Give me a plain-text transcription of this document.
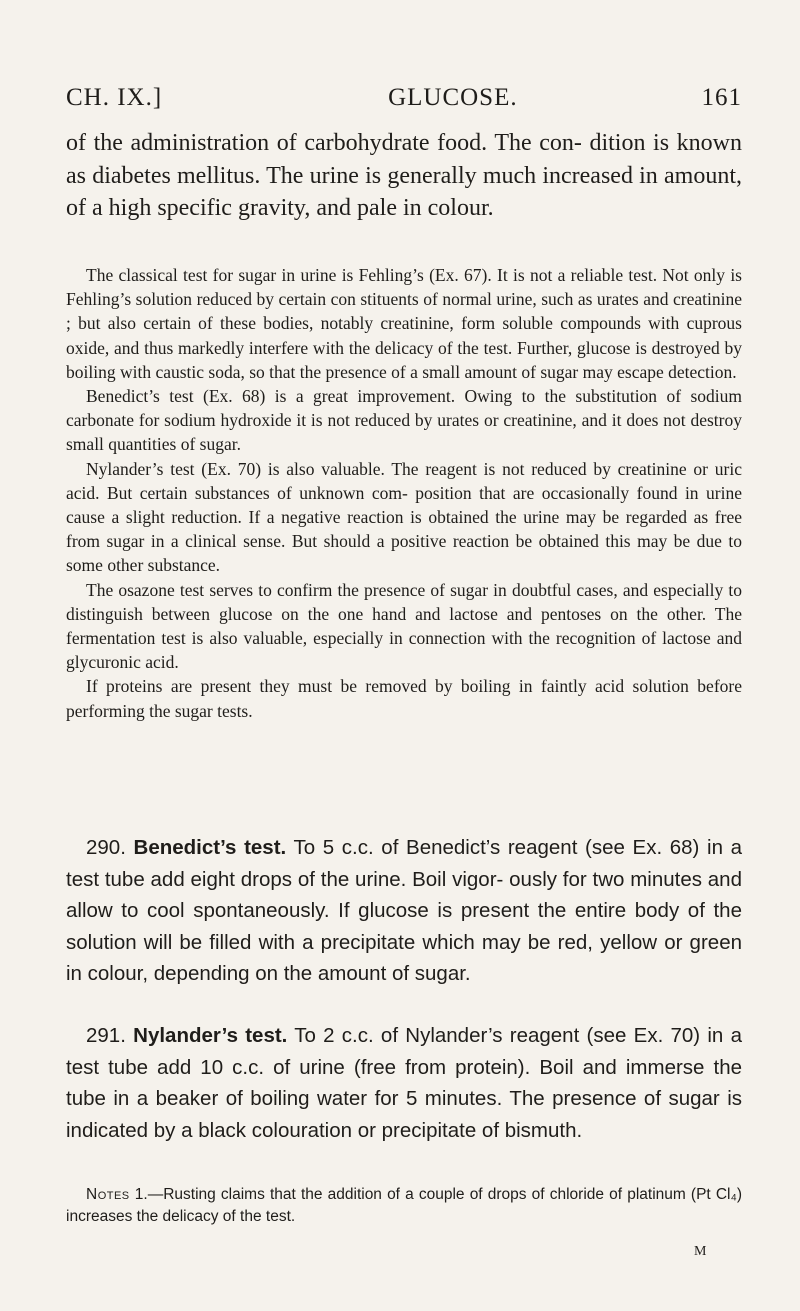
CH. IX.]	GLUCOSE.	161

of the administration of carbohydrate food. The con- dition is known as diabetes mellitus. The urine is generally much increased in amount, of a high specific gravity, and pale in colour.

The classical test for sugar in urine is Fehling’s (Ex. 67). It is not a reliable test. Not only is Fehling’s solution reduced by certain con stituents of normal urine, such as urates and creatinine ; but also certain of these bodies, notably creatinine, form soluble compounds with cuprous oxide, and thus markedly interfere with the delicacy of the test. Further, glucose is destroyed by boiling with caustic soda, so that the presence of a small amount of sugar may escape detection.

Benedict’s test (Ex. 68) is a great improvement. Owing to the substitution of sodium carbonate for sodium hydroxide it is not reduced by urates or creatinine, and it does not destroy small quantities of sugar.

Nylander’s test (Ex. 70) is also valuable. The reagent is not reduced by creatinine or uric acid. But certain substances of unknown com- position that are occasionally found in urine cause a slight reduction. If a negative reaction is obtained the urine may be regarded as free from sugar in a clinical sense. But should a positive reaction be obtained this may be due to some other substance.

The osazone test serves to confirm the presence of sugar in doubtful cases, and especially to distinguish between glucose on the one hand and lactose and pentoses on the other. The fermentation test is also valuable, especially in connection with the recognition of lactose and glycuronic acid.

If proteins are present they must be removed by boiling in faintly acid solution before performing the sugar tests.

290. Benedict’s test. To 5 c.c. of Benedict’s reagent (see Ex. 68) in a test tube add eight drops of the urine. Boil vigor- ously for two minutes and allow to cool spontaneously. If glucose is present the entire body of the solution will be filled with a precipitate which may be red, yellow or green in colour, depending on the amount of sugar.

291. Nylander’s test. To 2 c.c. of Nylander’s reagent (see Ex. 70) in a test tube add 10 c.c. of urine (free from protein). Boil and immerse the tube in a beaker of boiling water for 5 minutes. The presence of sugar is indicated by a black colouration or precipitate of bismuth.

Notes 1.—Rusting claims that the addition of a couple of drops of chloride of platinum (Pt Cl₄) increases the delicacy of the test.

M
